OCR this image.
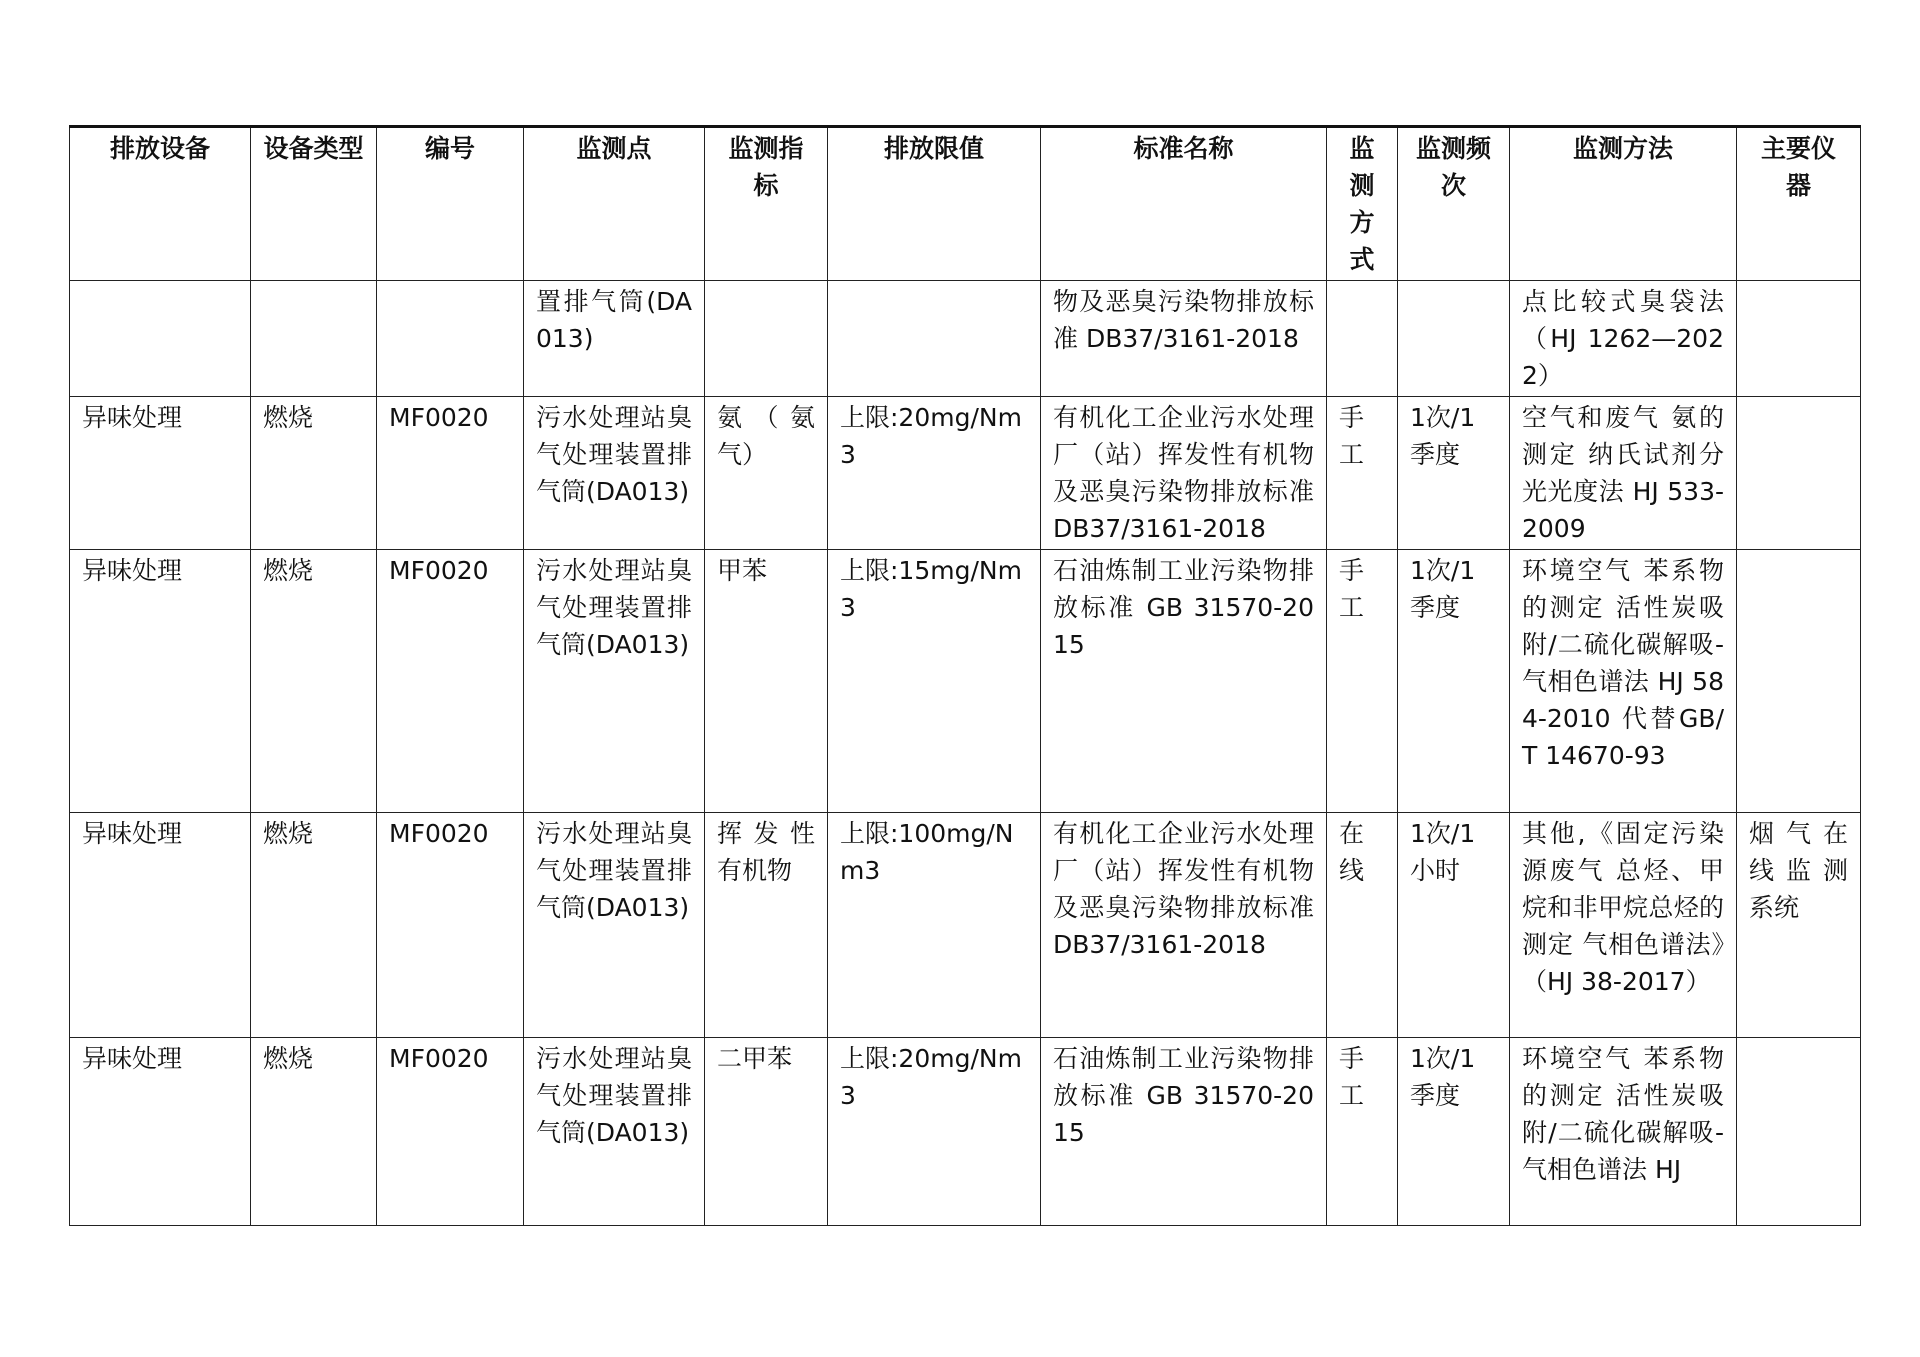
排放设备	设备类型	编号	监测点	监测指标	排放限值	标准名称	监测方式	监测频次	监测方法	主要仪器
			置排气筒(DA013)			物及恶臭污染物排放标准 DB37/3161-2018			点比较式臭袋法（HJ 1262—2022）	
异味处理	燃烧	MF0020	污水处理站臭气处理装置排气筒(DA013)	氨（氨气）	上限:20mg/Nm3	有机化工企业污水处理厂（站）挥发性有机物及恶臭污染物排放标准 DB37/3161-2018	手工	1次/1季度	空气和废气 氨的测定 纳氏试剂分光光度法 HJ 533-2009	
异味处理	燃烧	MF0020	污水处理站臭气处理装置排气筒(DA013)	甲苯	上限:15mg/Nm3	石油炼制工业污染物排放标准 GB 31570-2015	手工	1次/1季度	环境空气 苯系物的测定 活性炭吸附/二硫化碳解吸-气相色谱法 HJ 584-2010 代替GB/T 14670-93	
异味处理	燃烧	MF0020	污水处理站臭气处理装置排气筒(DA013)	挥发性有机物	上限:100mg/Nm3	有机化工企业污水处理厂（站）挥发性有机物及恶臭污染物排放标准 DB37/3161-2018	在线	1次/1小时	其他,《固定污染源废气 总烃、甲烷和非甲烷总烃的测定 气相色谱法》（HJ 38-2017）	烟气在线监测系统
异味处理	燃烧	MF0020	污水处理站臭气处理装置排气筒(DA013)	二甲苯	上限:20mg/Nm3	石油炼制工业污染物排放标准 GB 31570-2015	手工	1次/1季度	环境空气 苯系物的测定 活性炭吸附/二硫化碳解吸-气相色谱法 HJ	
